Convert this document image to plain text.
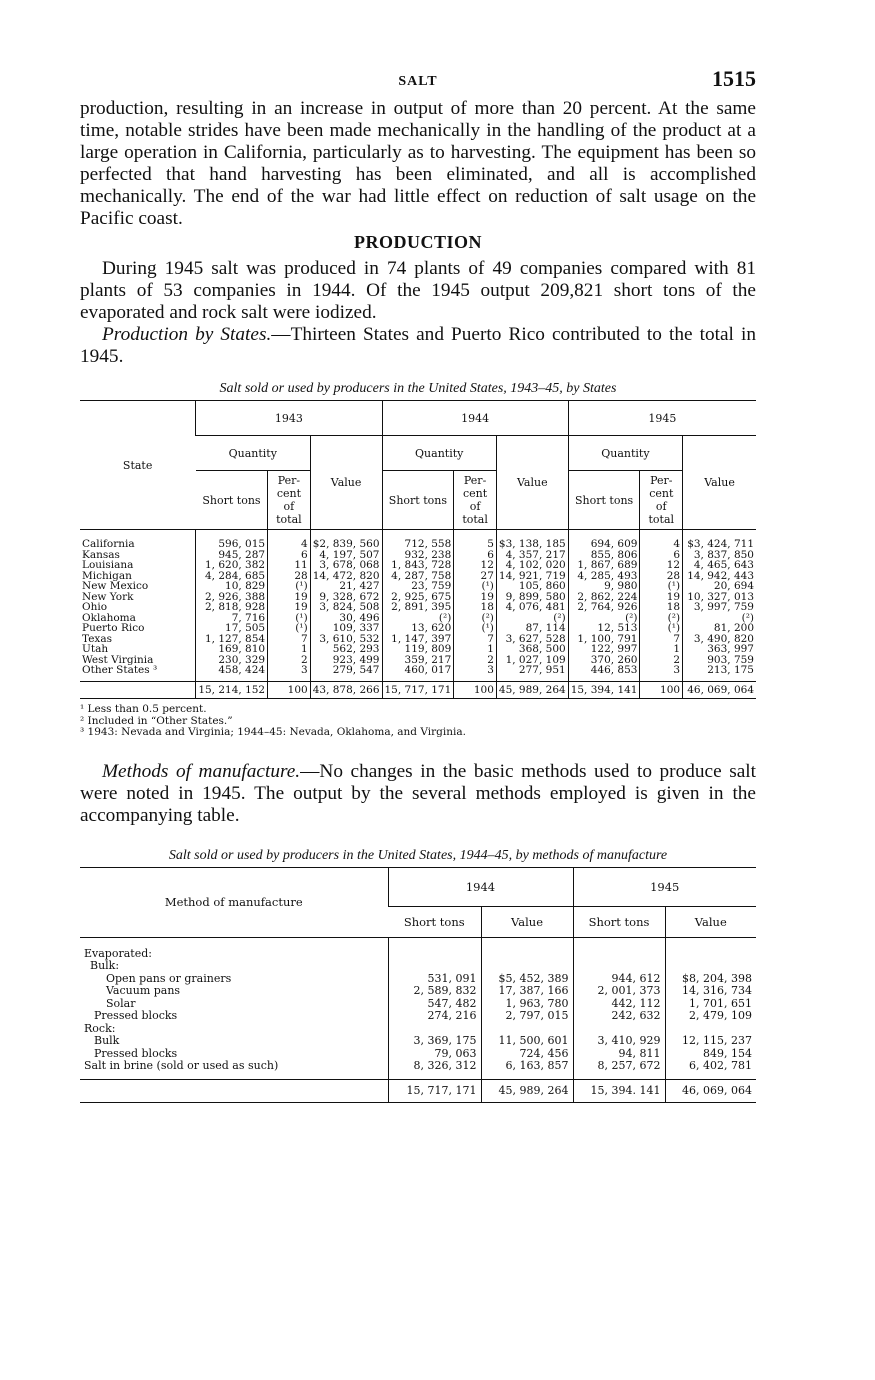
SALT	1515

production, resulting in an increase in output of more than 20 percent. At the same time, notable strides have been made mechanically in the handling of the product at a large operation in California, particularly as to harvesting. The equipment has been so perfected that hand harvesting has been eliminated, and all is accomplished mechanically. The end of the war had little effect on reduction of salt usage on the Pacific coast.

PRODUCTION

During 1945 salt was produced in 74 plants of 49 companies compared with 81 plants of 53 companies in 1944. Of the 1945 output 209,821 short tons of the evaporated and rock salt were iodized.

Production by States.—Thirteen States and Puerto Rico contributed to the total in 1945.

Salt sold or used by producers in the United States, 1943–45, by States
State	1943			1944			1945		
	Quantity		Value	Quantity		Value	Quantity		Value
	Short tons	Per- cent of total		Short tons	Per- cent of total		Short tons	Per- cent of total	
California	596, 015	4	$2, 839, 560	712, 558	5	$3, 138, 185	694, 609	4	$3, 424, 711
Kansas	945, 287	6	4, 197, 507	932, 238	6	4, 357, 217	855, 806	6	3, 837, 850
Louisiana	1, 620, 382	11	3, 678, 068	1, 843, 728	12	4, 102, 020	1, 867, 689	12	4, 465, 643
Michigan	4, 284, 685	28	14, 472, 820	4, 287, 758	27	14, 921, 719	4, 285, 493	28	14, 942, 443
New Mexico	10, 829	(¹)	21, 427	23, 759	(¹)	105, 860	9, 980	(¹)	20, 694
New York	2, 926, 388	19	9, 328, 672	2, 925, 675	19	9, 899, 580	2, 862, 224	19	10, 327, 013
Ohio	2, 818, 928	19	3, 824, 508	2, 891, 395	18	4, 076, 481	2, 764, 926	18	3, 997, 759
Oklahoma	7, 716	(¹)	30, 496	(²)	(²)	(²)	(²)	(²)	(²)
Puerto Rico	17, 505	(¹)	109, 337	13, 620	(¹)	87, 114	12, 513	(¹)	81, 200
Texas	1, 127, 854	7	3, 610, 532	1, 147, 397	7	3, 627, 528	1, 100, 791	7	3, 490, 820
Utah	169, 810	1	562, 293	119, 809	1	368, 500	122, 997	1	363, 997
West Virginia	230, 329	2	923, 499	359, 217	2	1, 027, 109	370, 260	2	903, 759
Other States ³	458, 424	3	279, 547	460, 017	3	277, 951	446, 853	3	213, 175
	15, 214, 152	100	43, 878, 266	15, 717, 171	100	45, 989, 264	15, 394, 141	100	46, 069, 064
¹ Less than 0.5 percent.
² Included in “Other States.”
³ 1943: Nevada and Virginia; 1944–45: Nevada, Oklahoma, and Virginia.

Methods of manufacture.—No changes in the basic methods used to produce salt were noted in 1945. The output by the several methods employed is given in the accompanying table.

Salt sold or used by producers in the United States, 1944–45, by methods of manufacture
Method of manufacture	1944		1945	
	Short tons	Value	Short tons	Value
Evaporated:				
Bulk:				
Open pans or grainers	531, 091	$5, 452, 389	944, 612	$8, 204, 398
Vacuum pans	2, 589, 832	17, 387, 166	2, 001, 373	14, 316, 734
Solar	547, 482	1, 963, 780	442, 112	1, 701, 651
Pressed blocks	274, 216	2, 797, 015	242, 632	2, 479, 109
Rock:				
Bulk	3, 369, 175	11, 500, 601	3, 410, 929	12, 115, 237
Pressed blocks	79, 063	724, 456	94, 811	849, 154
Salt in brine (sold or used as such)	8, 326, 312	6, 163, 857	8, 257, 672	6, 402, 781
	15, 717, 171	45, 989, 264	15, 394. 141	46, 069, 064
